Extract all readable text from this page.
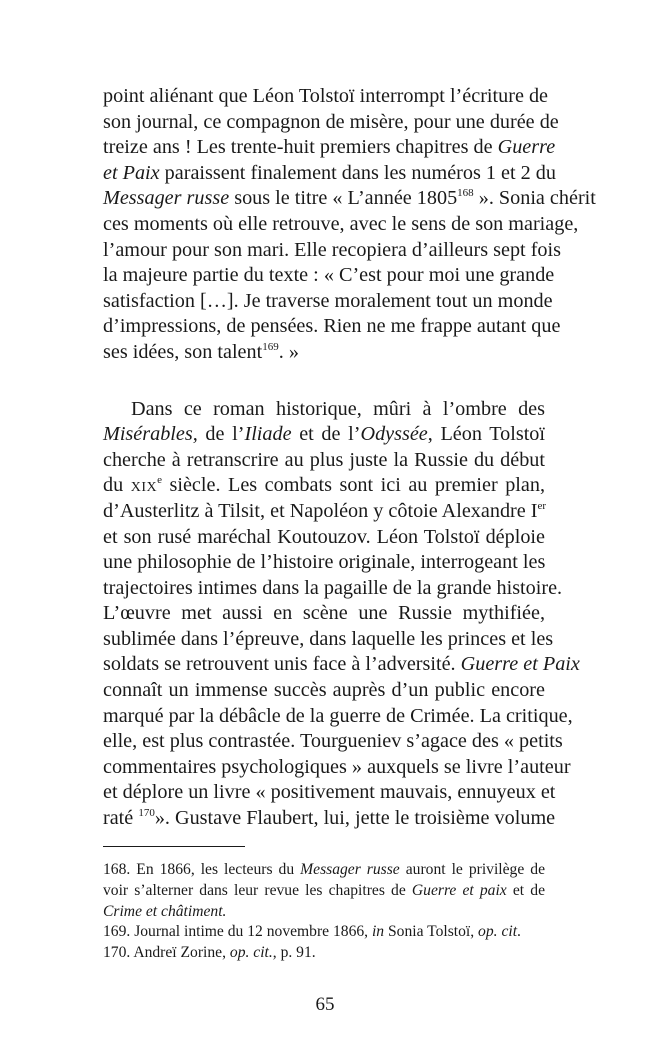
point aliénant que Léon Tolstoï interrompt l’écriture de
son journal, ce compagnon de misère, pour une durée de
treize ans ! Les trente-huit premiers chapitres de Guerre
et Paix paraissent finalement dans les numéros 1 et 2 du
Messager russe sous le titre « L’année 1805$^{168}$ ». Sonia chérit
ces moments où elle retrouve, avec le sens de son mariage,
l’amour pour son mari. Elle recopiera d’ailleurs sept fois
la majeure partie du texte : « C’est pour moi une grande
satisfaction […]. Je traverse moralement tout un monde
d’impressions, de pensées. Rien ne me frappe autant que
ses idées, son talent$^{169}$. »
Dans ce roman historique, mûri à l’ombre des
Misérables, de l’Iliade et de l’Odyssée, Léon Tolstoï
cherche à retranscrire au plus juste la Russie du début
du xix$^e$ siècle. Les combats sont ici au premier plan,
d’Austerlitz à Tilsit, et Napoléon y côtoie Alexandre Ier
et son rusé maréchal Koutouzov. Léon Tolstoï déploie
une philosophie de l’histoire originale, interrogeant les
trajectoires intimes dans la pagaille de la grande histoire.
L’œuvre met aussi en scène une Russie mythifiée,
sublimée dans l’épreuve, dans laquelle les princes et les
soldats se retrouvent unis face à l’adversité. Guerre et Paix
connaît un immense succès auprès d’un public encore
marqué par la débâcle de la guerre de Crimée. La critique,
elle, est plus contrastée. Tourgueniev s’agace des « petits
commentaires psychologiques » auxquels se livre l’auteur
et déplore un livre « positivement mauvais, ennuyeux et
raté $^{170}$». Gustave Flaubert, lui, jette le troisième volume
168. En 1866, les lecteurs du Messager russe auront le privilège de
voir s’alterner dans leur revue les chapitres de Guerre et paix et de
Crime et châtiment.
169. Journal intime du 12 novembre 1866, in Sonia Tolstoï, op. cit.
170. Andreï Zorine, op. cit., p. 91.
65
